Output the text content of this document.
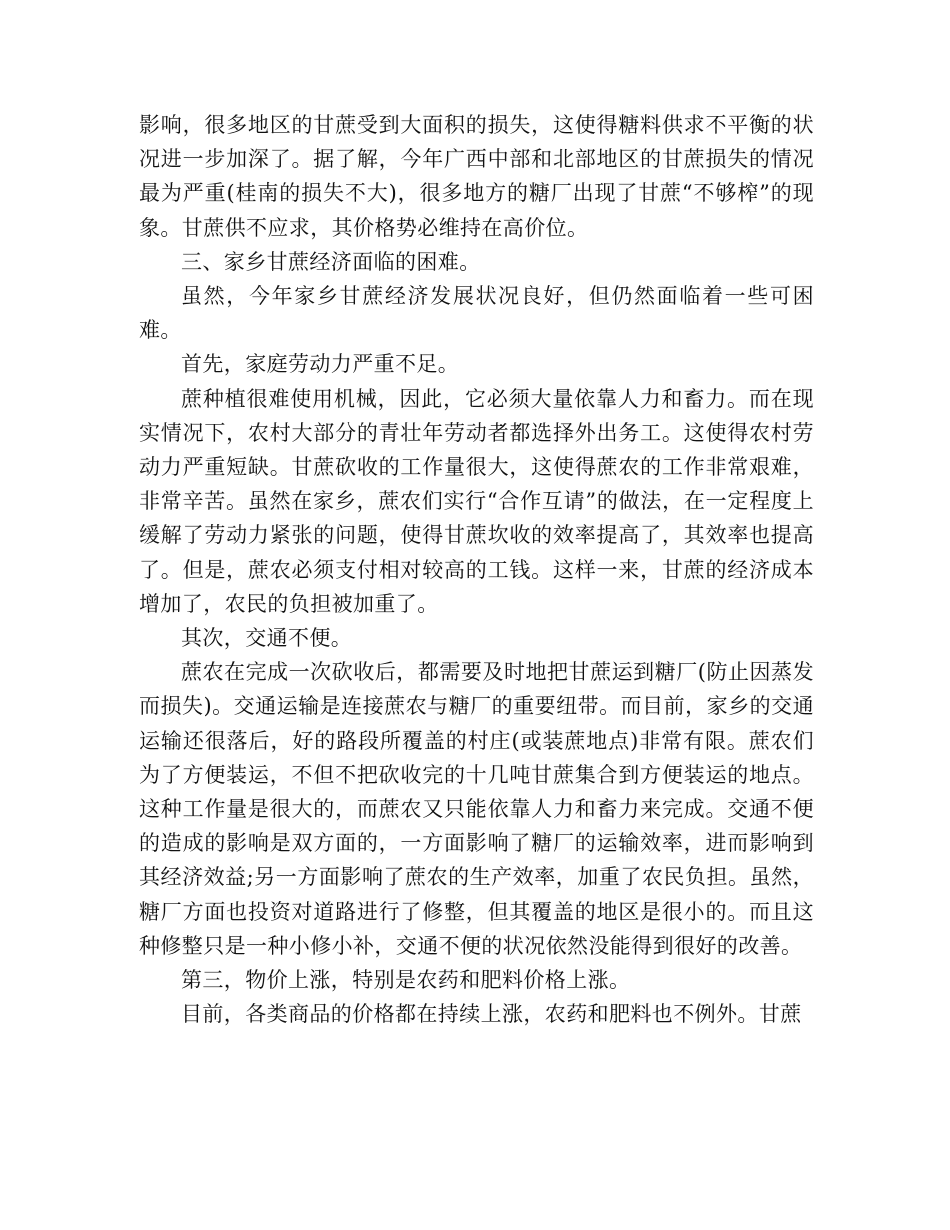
影响，很多地区的甘蔗受到大面积的损失，这使得糖料供求不平衡的状况进一步加深了。据了解，今年广西中部和北部地区的甘蔗损失的情况最为严重(桂南的损失不大)，很多地方的糖厂出现了甘蔗“不够榨”的现象。甘蔗供不应求，其价格势必维持在高价位。

三、家乡甘蔗经济面临的困难。

虽然，今年家乡甘蔗经济发展状况良好，但仍然面临着一些可困难。

首先，家庭劳动力严重不足。

蔗种植很难使用机械，因此，它必须大量依靠人力和畜力。而在现实情况下，农村大部分的青壮年劳动者都选择外出务工。这使得农村劳动力严重短缺。甘蔗砍收的工作量很大，这使得蔗农的工作非常艰难，非常辛苦。虽然在家乡，蔗农们实行“合作互请”的做法，在一定程度上缓解了劳动力紧张的问题，使得甘蔗坎收的效率提高了，其效率也提高了。但是，蔗农必须支付相对较高的工钱。这样一来，甘蔗的经济成本增加了，农民的负担被加重了。

其次，交通不便。

蔗农在完成一次砍收后，都需要及时地把甘蔗运到糖厂(防止因蒸发而损失)。交通运输是连接蔗农与糖厂的重要纽带。而目前，家乡的交通运输还很落后，好的路段所覆盖的村庄(或装蔗地点)非常有限。蔗农们为了方便装运，不但不把砍收完的十几吨甘蔗集合到方便装运的地点。这种工作量是很大的，而蔗农又只能依靠人力和畜力来完成。交通不便的造成的影响是双方面的，一方面影响了糖厂的运输效率，进而影响到其经济效益;另一方面影响了蔗农的生产效率，加重了农民负担。虽然，糖厂方面也投资对道路进行了修整，但其覆盖的地区是很小的。而且这种修整只是一种小修小补，交通不便的状况依然没能得到很好的改善。

第三，物价上涨，特别是农药和肥料价格上涨。

目前，各类商品的价格都在持续上涨，农药和肥料也不例外。甘蔗
